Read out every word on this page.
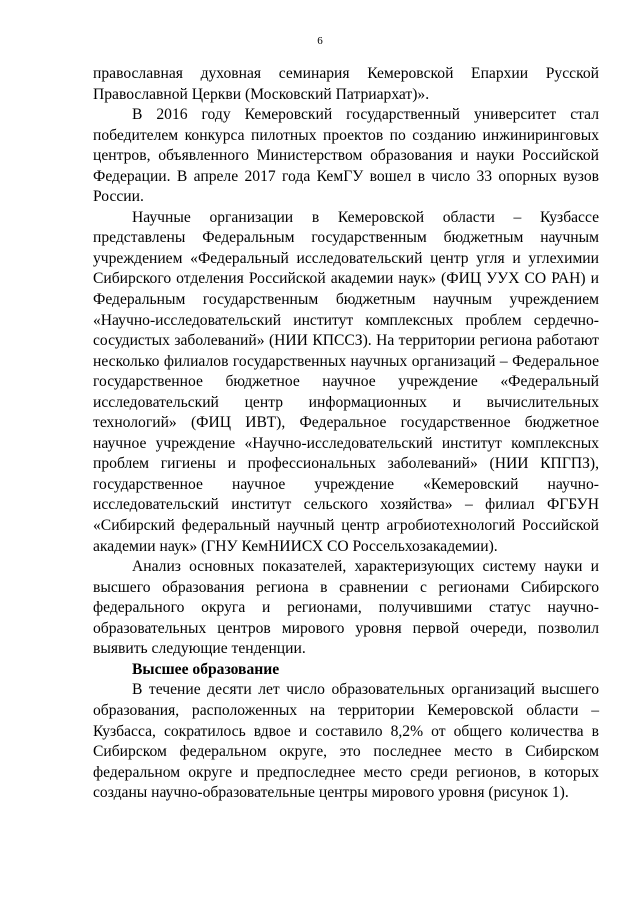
6

православная духовная семинария Кемеровской Епархии Русской Православной Церкви (Московский Патриархат)».

В 2016 году Кемеровский государственный университет стал победителем конкурса пилотных проектов по созданию инжиниринговых центров, объявленного Министерством образования и науки Российской Федерации. В апреле 2017 года КемГУ вошел в число 33 опорных вузов России.

Научные организации в Кемеровской области – Кузбассе представлены Федеральным государственным бюджетным научным учреждением «Федеральный исследовательский центр угля и углехимии Сибирского отделения Российской академии наук» (ФИЦ УУХ СО РАН) и Федеральным государственным бюджетным научным учреждением «Научно-исследовательский институт комплексных проблем сердечно-сосудистых заболеваний» (НИИ КПССЗ). На территории региона работают несколько филиалов государственных научных организаций – Федеральное государственное бюджетное научное учреждение «Федеральный исследовательский центр информационных и вычислительных технологий» (ФИЦ ИВТ), Федеральное государственное бюджетное научное учреждение «Научно-исследовательский институт комплексных проблем гигиены и профессиональных заболеваний» (НИИ КПГПЗ), государственное научное учреждение «Кемеровский научно-исследовательский институт сельского хозяйства» – филиал ФГБУН «Сибирский федеральный научный центр агробиотехнологий Российской академии наук» (ГНУ КемНИИСХ СО Россельхозакадемии).

Анализ основных показателей, характеризующих систему науки и высшего образования региона в сравнении с регионами Сибирского федерального округа и регионами, получившими статус научно-образовательных центров мирового уровня первой очереди, позволил выявить следующие тенденции.

Высшее образование

В течение десяти лет число образовательных организаций высшего образования, расположенных на территории Кемеровской области – Кузбасса, сократилось вдвое и составило 8,2% от общего количества в Сибирском федеральном округе, это последнее место в Сибирском федеральном округе и предпоследнее место среди регионов, в которых созданы научно-образовательные центры мирового уровня (рисунок 1).
